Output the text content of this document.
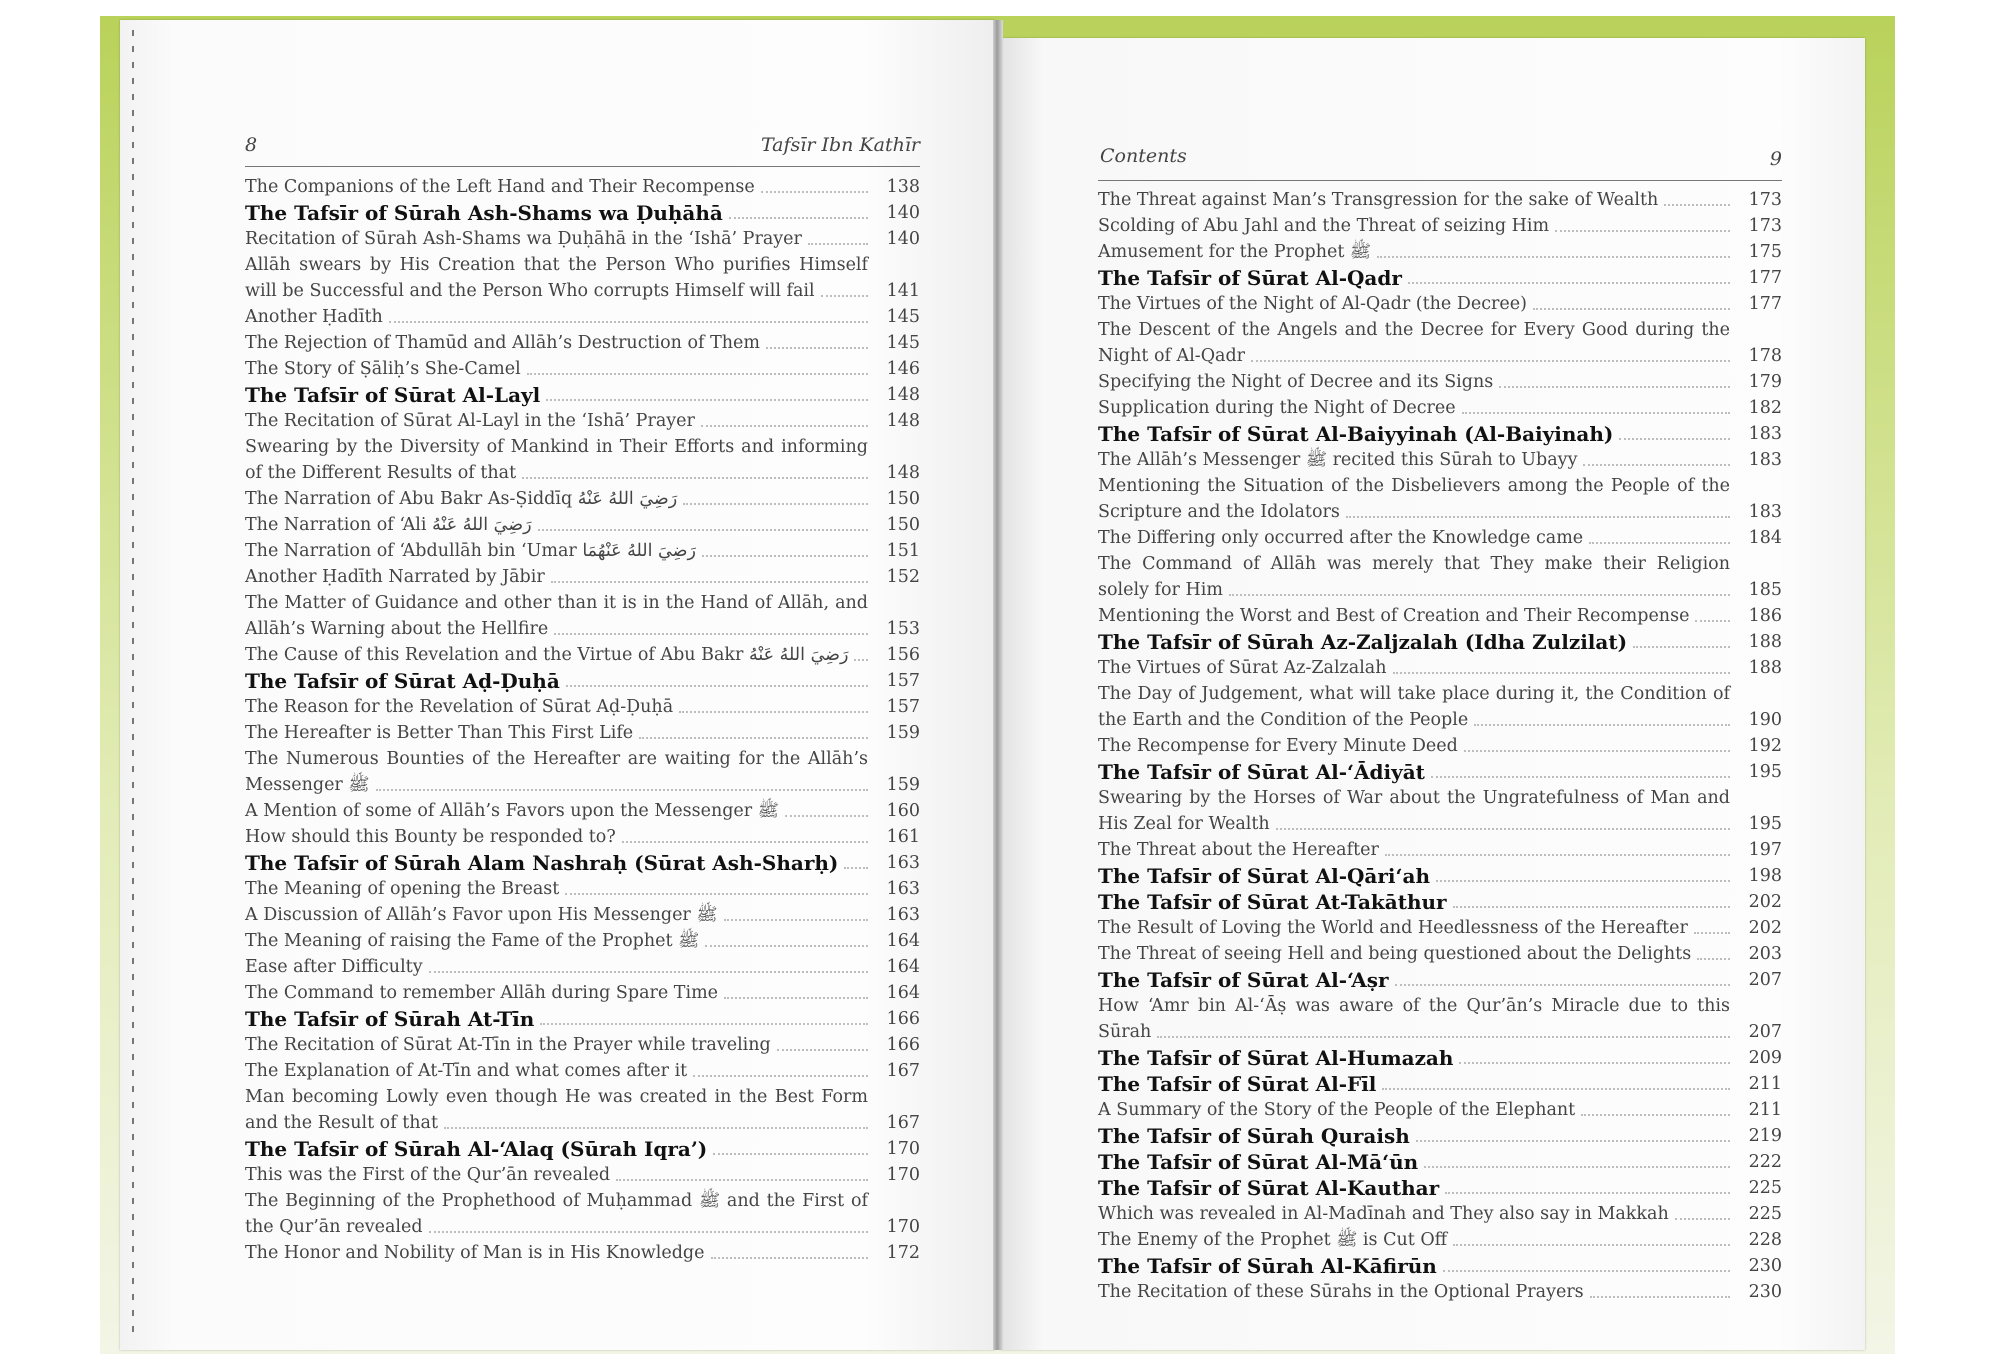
8	Tafsīr Ibn Kathīr	Contents	9
The Companions of the Left Hand and Their Recompense	138
The Tafsīr of Sūrah Ash-Shams wa Ḍuḥāhā	140
Recitation of Sūrah Ash-Shams wa Ḍuḥāhā in the ‘Ishā’ Prayer	140
Allāh swears by His Creation that the Person Who purifies Himself will be Successful and the Person Who corrupts Himself will fail	141
Another Ḥadīth	145
The Rejection of Thamūd and Allāh’s Destruction of Them	145
The Story of Ṣāliḥ’s She-Camel	146
The Tafsīr of Sūrat Al-Layl	148
The Recitation of Sūrat Al-Layl in the ‘Ishā’ Prayer	148
Swearing by the Diversity of Mankind in Their Efforts and informing of the Different Results of that	148
The Narration of Abu Bakr As-Ṣiddīq رَضِيَ اللهُ عَنْهُ	150
The Narration of ‘Ali رَضِيَ اللهُ عَنْهُ	150
The Narration of ‘Abdullāh bin ‘Umar رَضِيَ اللهُ عَنْهُمَا	151
Another Ḥadīth Narrated by Jābir	152
The Matter of Guidance and other than it is in the Hand of Allāh, and Allāh’s Warning about the Hellfire	153
The Cause of this Revelation and the Virtue of Abu Bakr رَضِيَ اللهُ عَنْهُ	156
The Tafsīr of Sūrat Aḍ-Ḍuḥā	157
The Reason for the Revelation of Sūrat Aḍ-Ḍuḥā	157
The Hereafter is Better Than This First Life	159
The Numerous Bounties of the Hereafter are waiting for the Allāh’s Messenger ﷺ	159
A Mention of some of Allāh’s Favors upon the Messenger ﷺ	160
How should this Bounty be responded to?	161
The Tafsīr of Sūrah Alam Nashraḥ (Sūrat Ash-Sharḥ)	163
The Meaning of opening the Breast	163
A Discussion of Allāh’s Favor upon His Messenger ﷺ	163
The Meaning of raising the Fame of the Prophet ﷺ	164
Ease after Difficulty	164
The Command to remember Allāh during Spare Time	164
The Tafsīr of Sūrah At-Tīn	166
The Recitation of Sūrat At-Tīn in the Prayer while traveling	166
The Explanation of At-Tīn and what comes after it	167
Man becoming Lowly even though He was created in the Best Form and the Result of that	167
The Tafsīr of Sūrah Al-‘Alaq (Sūrah Iqra’)	170
This was the First of the Qur’ān revealed	170
The Beginning of the Prophethood of Muḥammad ﷺ and the First of the Qur’ān revealed	170
The Honor and Nobility of Man is in His Knowledge	172
The Threat against Man’s Transgression for the sake of Wealth	173
Scolding of Abu Jahl and the Threat of seizing Him	173
Amusement for the Prophet ﷺ	175
The Tafsīr of Sūrat Al-Qadr	177
The Virtues of the Night of Al-Qadr (the Decree)	177
The Descent of the Angels and the Decree for Every Good during the Night of Al-Qadr	178
Specifying the Night of Decree and its Signs	179
Supplication during the Night of Decree	182
The Tafsīr of Sūrat Al-Baiyyinah (Al-Baiyinah)	183
The Allāh’s Messenger ﷺ recited this Sūrah to Ubayy	183
Mentioning the Situation of the Disbelievers among the People of the Scripture and the Idolators	183
The Differing only occurred after the Knowledge came	184
The Command of Allāh was merely that They make their Religion solely for Him	185
Mentioning the Worst and Best of Creation and Their Recompense	186
The Tafsīr of Sūrah Az-Zaljzalah (Idha Zulzilat)	188
The Virtues of Sūrat Az-Zalzalah	188
The Day of Judgement, what will take place during it, the Condition of the Earth and the Condition of the People	190
The Recompense for Every Minute Deed	192
The Tafsīr of Sūrat Al-‘Ādiyāt	195
Swearing by the Horses of War about the Ungratefulness of Man and His Zeal for Wealth	195
The Threat about the Hereafter	197
The Tafsīr of Sūrat Al-Qāri‘ah	198
The Tafsīr of Sūrat At-Takāthur	202
The Result of Loving the World and Heedlessness of the Hereafter	202
The Threat of seeing Hell and being questioned about the Delights	203
The Tafsīr of Sūrat Al-‘Aṣr	207
How ‘Amr bin Al-‘Āṣ was aware of the Qur’ān’s Miracle due to this Sūrah	207
The Tafsīr of Sūrat Al-Humazah	209
The Tafsīr of Sūrat Al-Fīl	211
A Summary of the Story of the People of the Elephant	211
The Tafsīr of Sūrah Quraish	219
The Tafsīr of Sūrat Al-Mā‘ūn	222
The Tafsīr of Sūrat Al-Kauthar	225
Which was revealed in Al-Madīnah and They also say in Makkah	225
The Enemy of the Prophet ﷺ is Cut Off	228
The Tafsīr of Sūrah Al-Kāfirūn	230
The Recitation of these Sūrahs in the Optional Prayers	230
